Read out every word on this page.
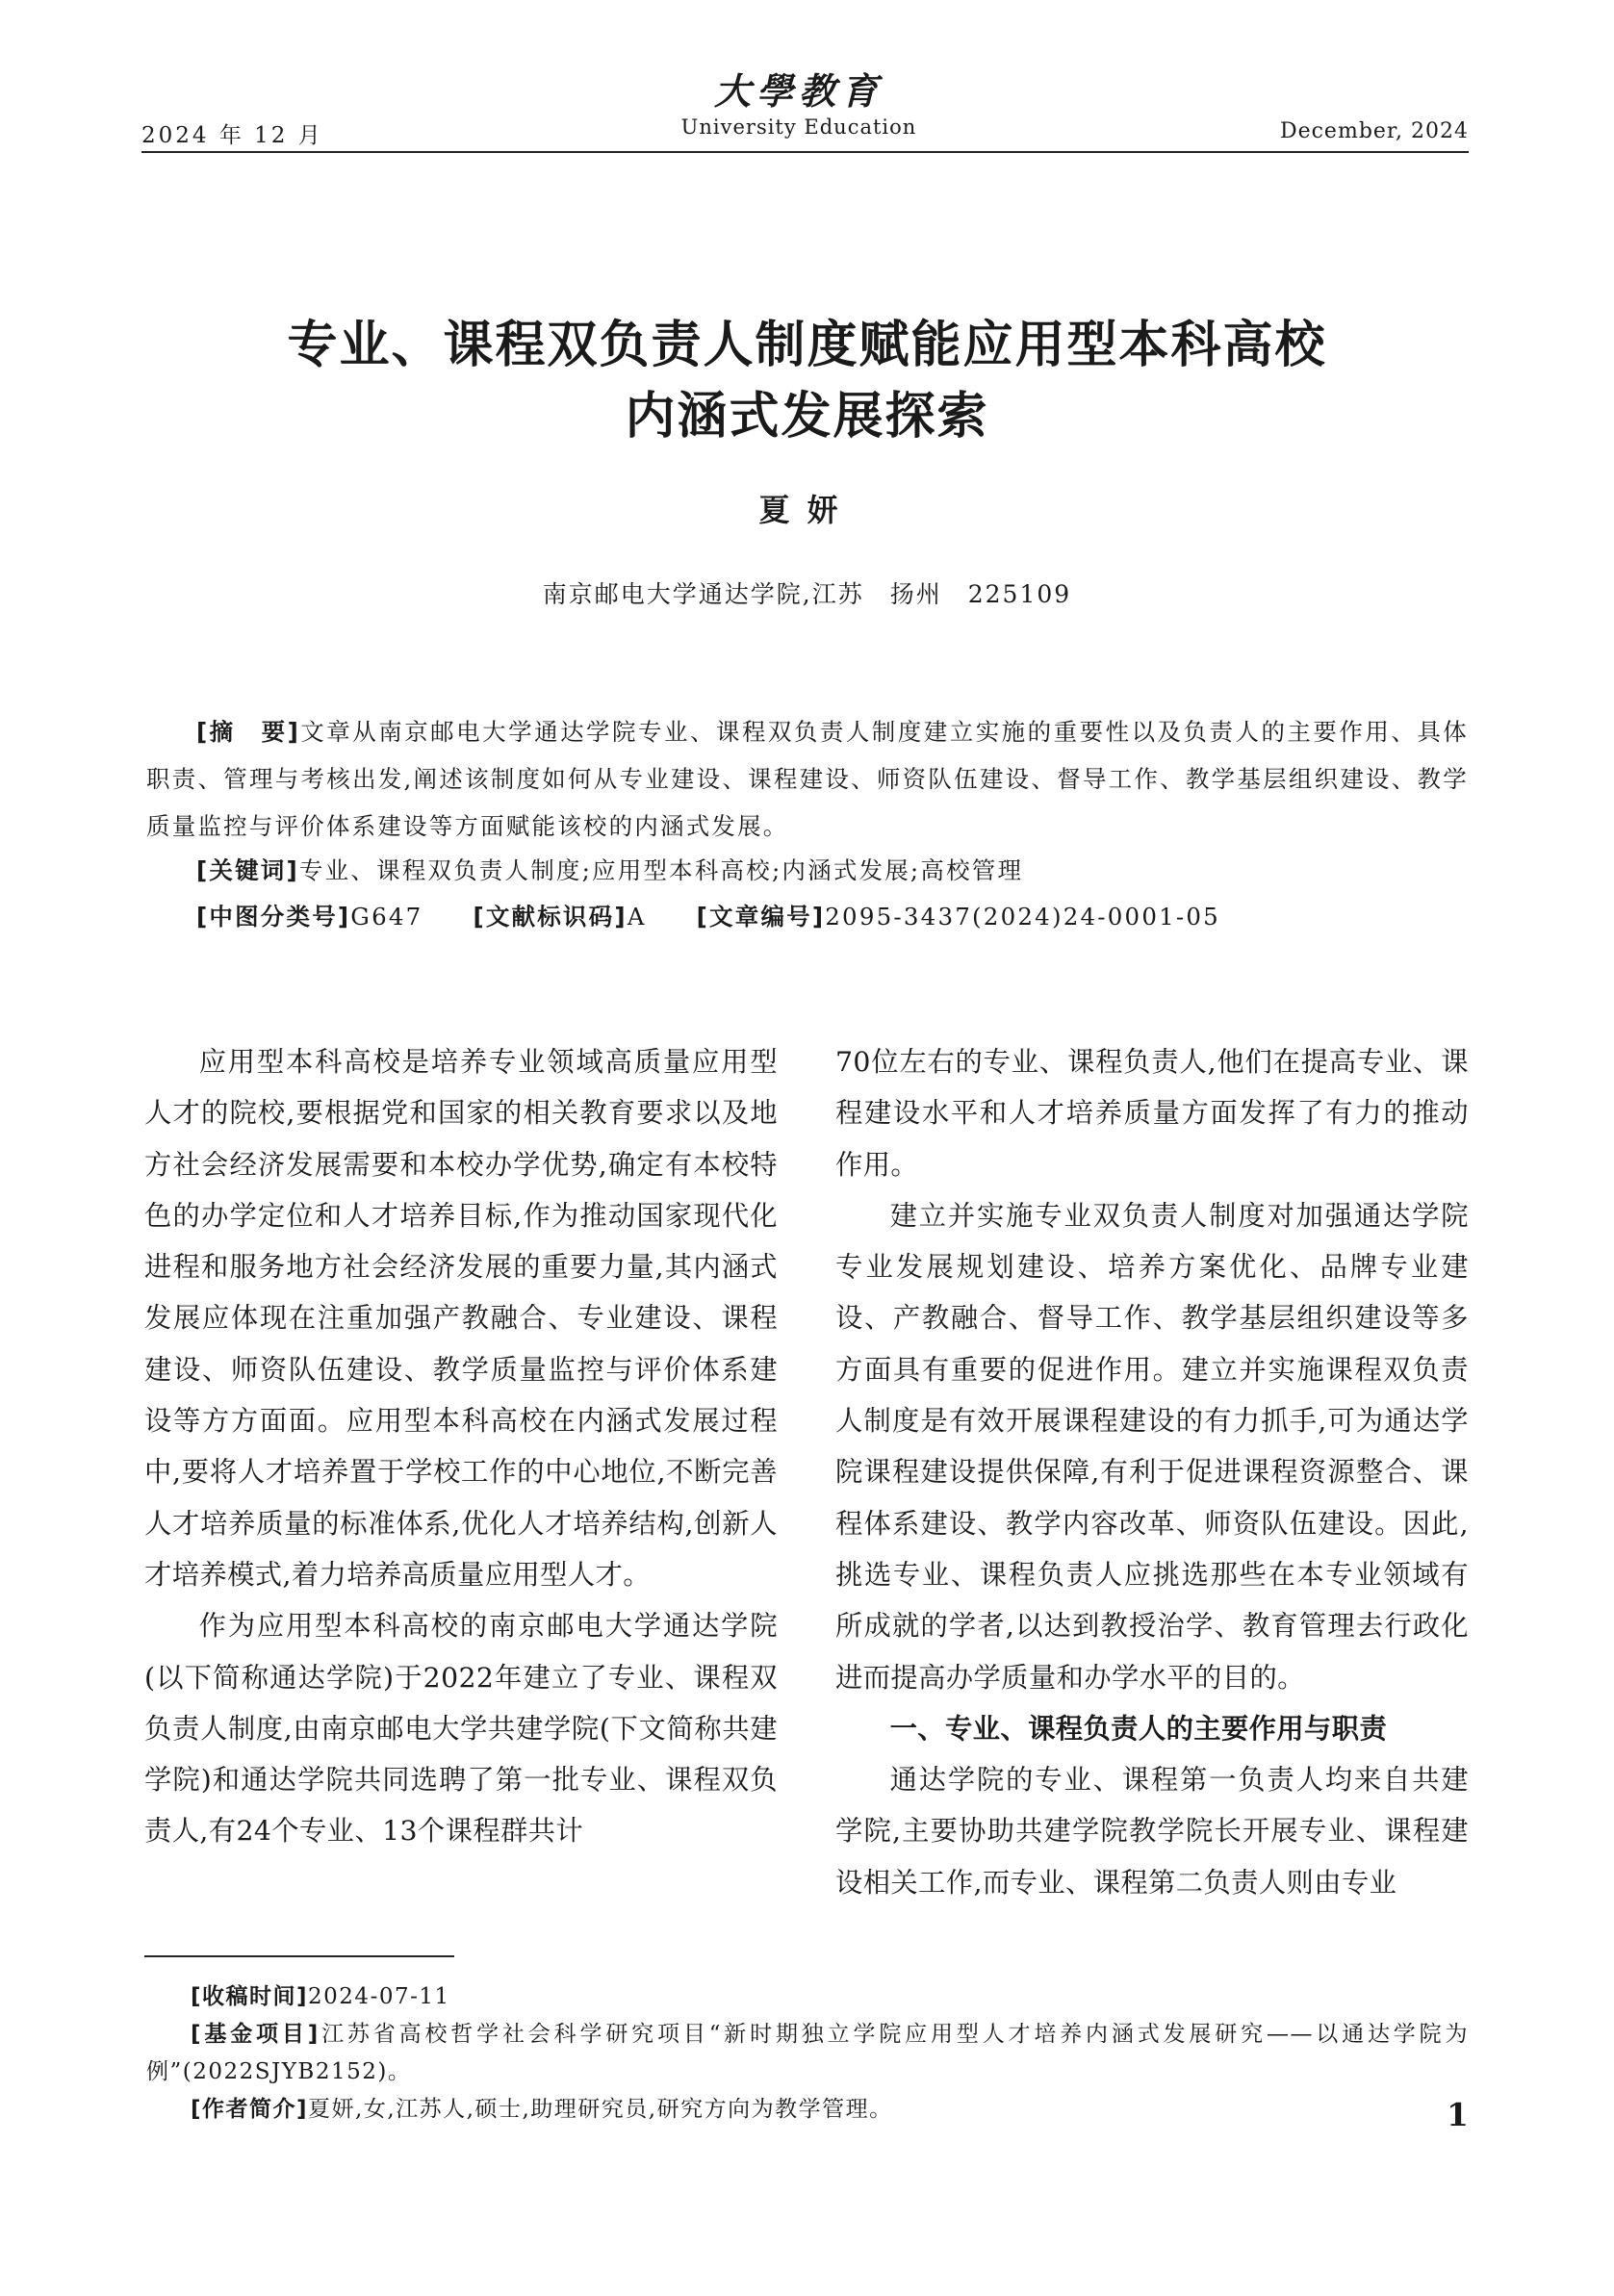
大學教育
University Education
2024 年 12 月	December, 2024
专业、课程双负责人制度赋能应用型本科高校
内涵式发展探索
夏妍
南京邮电大学通达学院,江苏　扬州　225109
[摘　要]文章从南京邮电大学通达学院专业、课程双负责人制度建立实施的重要性以及负责人的主要作用、具体职责、管理与考核出发,阐述该制度如何从专业建设、课程建设、师资队伍建设、督导工作、教学基层组织建设、教学质量监控与评价体系建设等方面赋能该校的内涵式发展。
[关键词]专业、课程双负责人制度;应用型本科高校;内涵式发展;高校管理
[中图分类号]G647 [文献标识码]A [文章编号]2095-3437(2024)24-0001-05

应用型本科高校是培养专业领域高质量应用型人才的院校,要根据党和国家的相关教育要求以及地方社会经济发展需要和本校办学优势,确定有本校特色的办学定位和人才培养目标,作为推动国家现代化进程和服务地方社会经济发展的重要力量,其内涵式发展应体现在注重加强产教融合、专业建设、课程建设、师资队伍建设、教学质量监控与评价体系建设等方方面面。应用型本科高校在内涵式发展过程中,要将人才培养置于学校工作的中心地位,不断完善人才培养质量的标准体系,优化人才培养结构,创新人才培养模式,着力培养高质量应用型人才。

作为应用型本科高校的南京邮电大学通达学院(以下简称通达学院)于2022年建立了专业、课程双负责人制度,由南京邮电大学共建学院(下文简称共建学院)和通达学院共同选聘了第一批专业、课程双负责人,有24个专业、13个课程群共计

70位左右的专业、课程负责人,他们在提高专业、课程建设水平和人才培养质量方面发挥了有力的推动作用。

建立并实施专业双负责人制度对加强通达学院专业发展规划建设、培养方案优化、品牌专业建设、产教融合、督导工作、教学基层组织建设等多方面具有重要的促进作用。建立并实施课程双负责人制度是有效开展课程建设的有力抓手,可为通达学院课程建设提供保障,有利于促进课程资源整合、课程体系建设、教学内容改革、师资队伍建设。因此,挑选专业、课程负责人应挑选那些在本专业领域有所成就的学者,以达到教授治学、教育管理去行政化进而提高办学质量和办学水平的目的。

一、专业、课程负责人的主要作用与职责

通达学院的专业、课程第一负责人均来自共建学院,主要协助共建学院教学院长开展专业、课程建设相关工作,而专业、课程第二负责人则由专业

[收稿时间]2024-07-11
[基金项目]江苏省高校哲学社会科学研究项目“新时期独立学院应用型人才培养内涵式发展研究——以通达学院为例”(2022SJYB2152)。
[作者简介]夏妍,女,江苏人,硕士,助理研究员,研究方向为教学管理。	1
